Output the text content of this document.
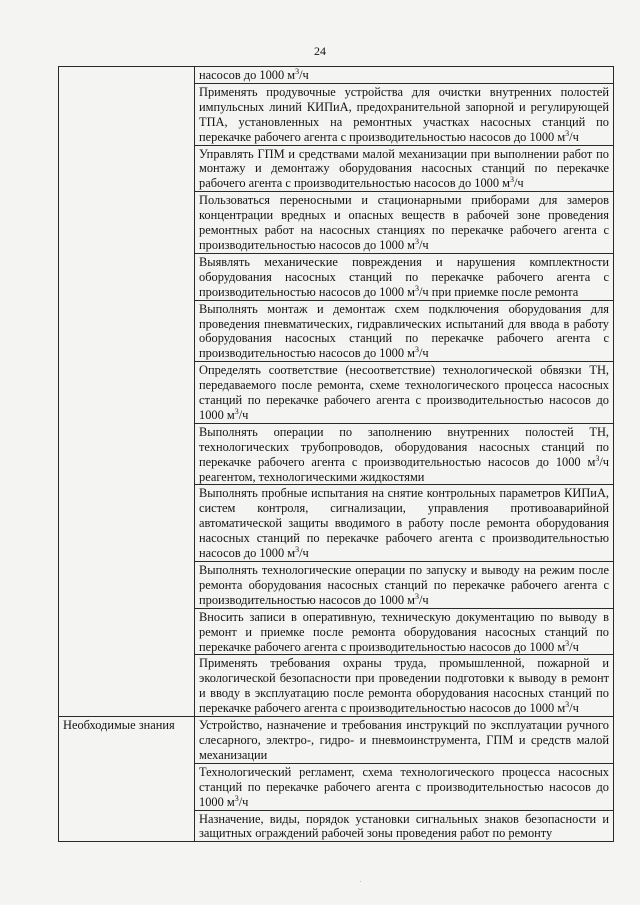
24
	насосов до 1000 $м^3/ч$
	Применять продувочные устройства для очистки внутренних полостей импульсных линий КИПиА, предохранительной запорной и регулирующей ТПА, установленных на ремонтных участках насосных станций по перекачке рабочего агента с производительностью насосов до 1000 $м^3/ч$
	Управлять ГПМ и средствами малой механизации при выполнении работ по монтажу и демонтажу оборудования насосных станций по перекачке рабочего агента с производительностью насосов до 1000 $м^3/ч$
	Пользоваться переносными и стационарными приборами для замеров концентрации вредных и опасных веществ в рабочей зоне проведения ремонтных работ на насосных станциях по перекачке рабочего агента с производительностью насосов до 1000 $м^3/ч$
	Выявлять механические повреждения и нарушения комплектности оборудования насосных станций по перекачке рабочего агента с производительностью насосов до 1000 $м^3/ч$ при приемке после ремонта
	Выполнять монтаж и демонтаж схем подключения оборудования для проведения пневматических, гидравлических испытаний для ввода в работу оборудования насосных станций по перекачке рабочего агента с производительностью насосов до 1000 $м^3/ч$
	Определять соответствие (несоответствие) технологической обвязки ТН, передаваемого после ремонта, схеме технологического процесса насосных станций по перекачке рабочего агента с производительностью насосов до 1000 $м^3/ч$
	Выполнять операции по заполнению внутренних полостей ТН, технологических трубопроводов, оборудования насосных станций по перекачке рабочего агента с производительностью насосов до 1000 $м^3/ч$ реагентом, технологическими жидкостями
	Выполнять пробные испытания на снятие контрольных параметров КИПиА, систем контроля, сигнализации, управления противоаварийной автоматической защиты вводимого в работу после ремонта оборудования насосных станций по перекачке рабочего агента с производительностью насосов до 1000 $м^3/ч$
	Выполнять технологические операции по запуску и выводу на режим после ремонта оборудования насосных станций по перекачке рабочего агента с производительностью насосов до 1000 $м^3/ч$
	Вносить записи в оперативную, техническую документацию по выводу в ремонт и приемке после ремонта оборудования насосных станций по перекачке рабочего агента с производительностью насосов до 1000 $м^3/ч$
	Применять требования охраны труда, промышленной, пожарной и экологической безопасности при проведении подготовки к выводу в ремонт и вводу в эксплуатацию после ремонта оборудования насосных станций по перекачке рабочего агента с производительностью насосов до 1000 $м^3/ч$
Необходимые знания	Устройство, назначение и требования инструкций по эксплуатации ручного слесарного, электро-, гидро- и пневмоинструмента, ГПМ и средств малой механизации
	Технологический регламент, схема технологического процесса насосных станций по перекачке рабочего агента с производительностью насосов до 1000 $м^3/ч$
	Назначение, виды, порядок установки сигнальных знаков безопасности и защитных ограждений рабочей зоны проведения работ по ремонту
